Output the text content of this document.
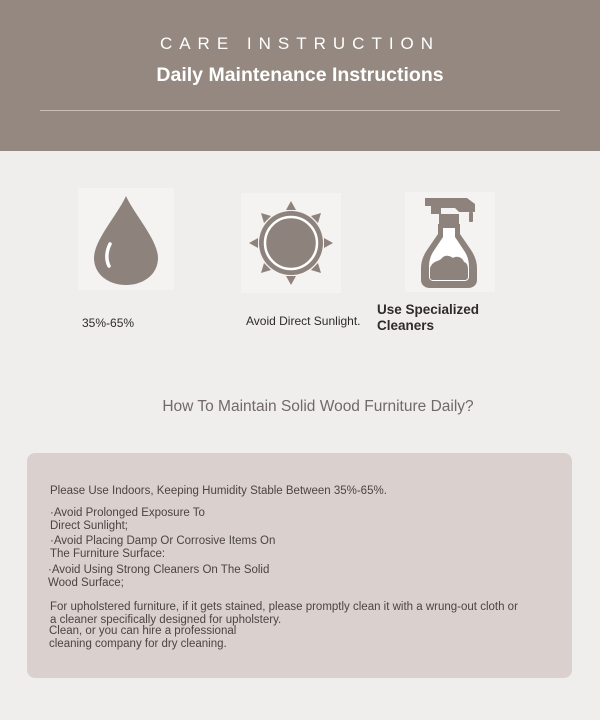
CARE INSTRUCTION
Daily Maintenance Instructions
35%-65%	Avoid Direct Sunlight.
Use Specialized
Cleaners
How To Maintain Solid Wood Furniture Daily?
Please Use Indoors, Keeping Humidity Stable Between 35%-65%.
·Avoid Prolonged Exposure To
Direct Sunlight;
·Avoid Placing Damp Or Corrosive Items On
The Furniture Surface:
·Avoid Using Strong Cleaners On The Solid
Wood Surface;
For upholstered furniture, if it gets stained, please promptly clean it with a wrung-out cloth or
a cleaner specifically designed for upholstery.
Clean, or you can hire a professional
cleaning company for dry cleaning.
